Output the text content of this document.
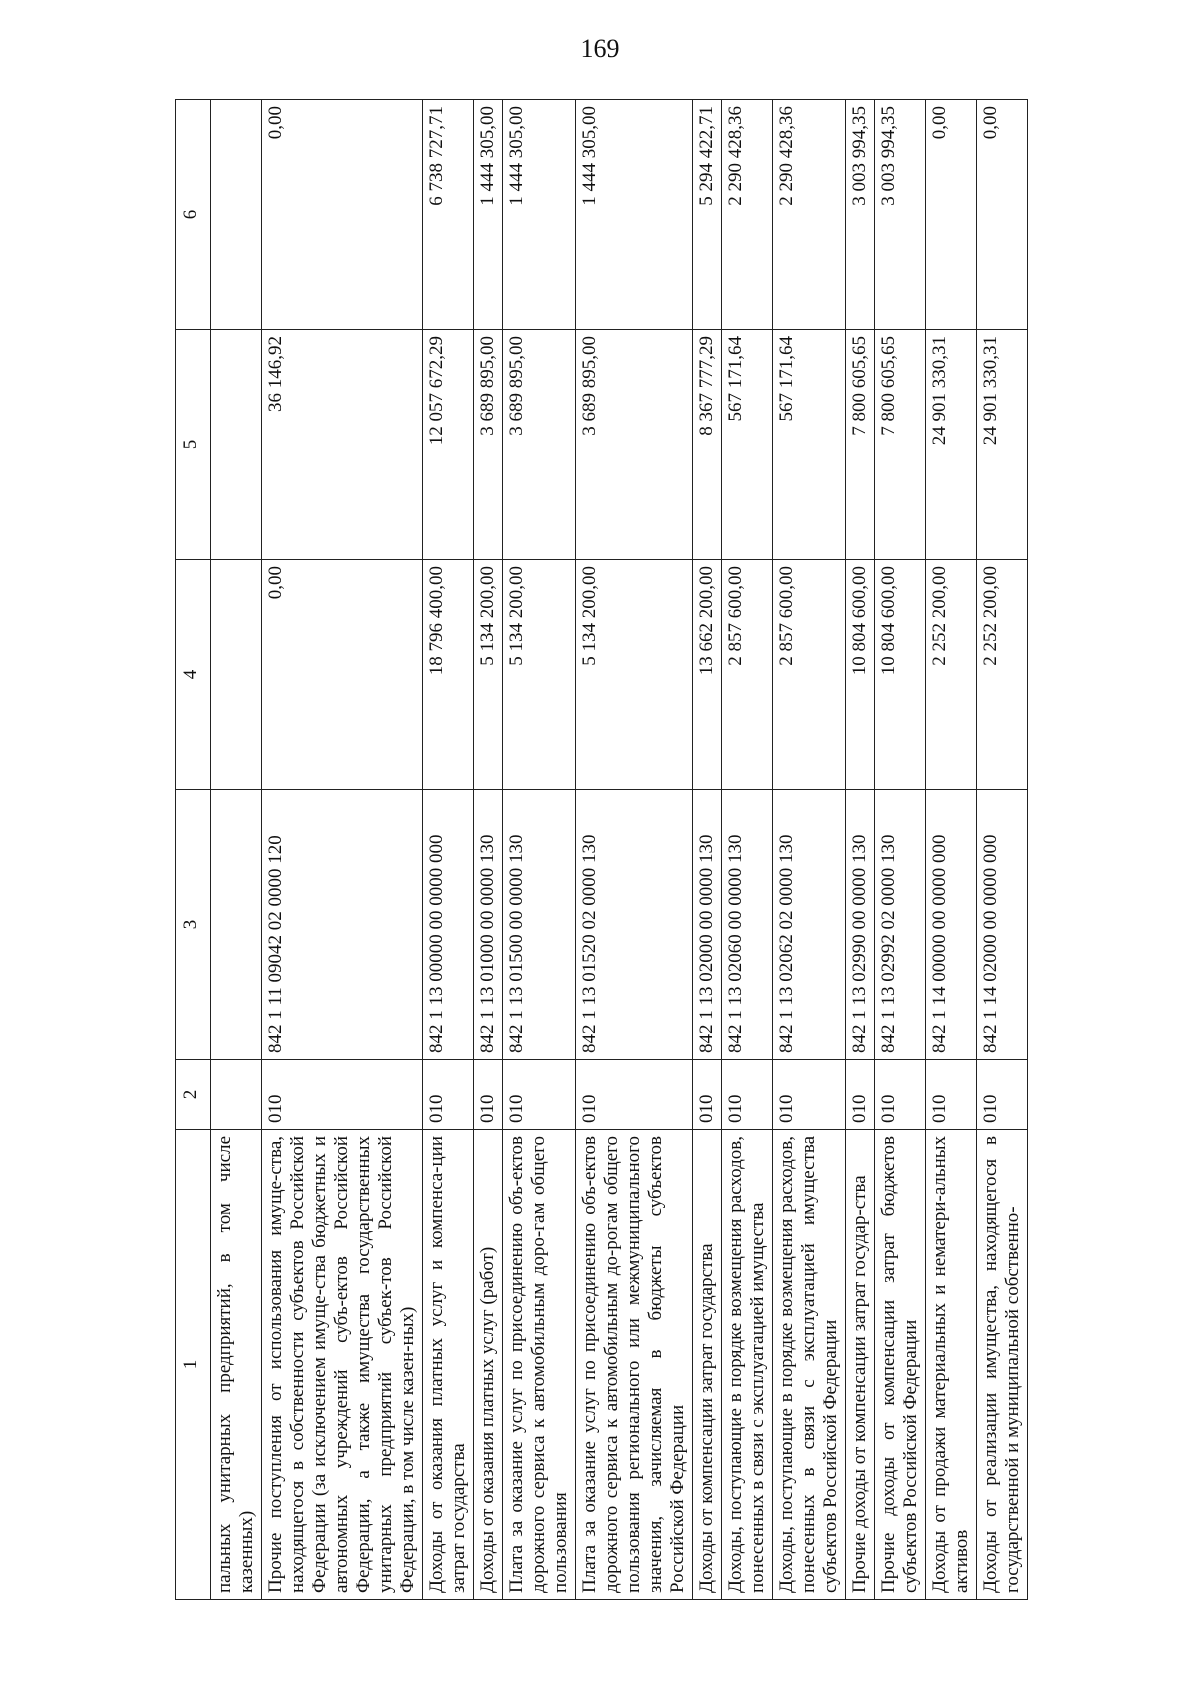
169
1	2	3	4	5	6
пальных унитарных предприятий, в том числе казенных)					
Прочие поступления от использования имуще-ства, находящегося в собственности субъектов Российской Федерации (за исключением имуще-ства бюджетных и автономных учреждений субъ-ектов Российской Федерации, а также имущества государственных унитарных предприятий субъек-тов Российской Федерации, в том числе казен-ных)	010	842 1 11 09042 02 0000 120	0,00	36 146,92	0,00
Доходы от оказания платных услуг и компенса-ции затрат государства	010	842 1 13 00000 00 0000 000	18 796 400,00	12 057 672,29	6 738 727,71
Доходы от оказания платных услуг (работ)	010	842 1 13 01000 00 0000 130	5 134 200,00	3 689 895,00	1 444 305,00
Плата за оказание услуг по присоединению объ-ектов дорожного сервиса к автомобильным доро-гам общего пользования	010	842 1 13 01500 00 0000 130	5 134 200,00	3 689 895,00	1 444 305,00
Плата за оказание услуг по присоединению объ-ектов дорожного сервиса к автомобильным до-рогам общего пользования регионального или межмуниципального значения, зачисляемая в бюджеты субъектов Российской Федерации	010	842 1 13 01520 02 0000 130	5 134 200,00	3 689 895,00	1 444 305,00
Доходы от компенсации затрат государства	010	842 1 13 02000 00 0000 130	13 662 200,00	8 367 777,29	5 294 422,71
Доходы, поступающие в порядке возмещения расходов, понесенных в связи с эксплуатацией имущества	010	842 1 13 02060 00 0000 130	2 857 600,00	567 171,64	2 290 428,36
Доходы, поступающие в порядке возмещения расходов, понесенных в связи с эксплуатацией имущества субъектов Российской Федерации	010	842 1 13 02062 02 0000 130	2 857 600,00	567 171,64	2 290 428,36
Прочие доходы от компенсации затрат государ-ства	010	842 1 13 02990 00 0000 130	10 804 600,00	7 800 605,65	3 003 994,35
Прочие доходы от компенсации затрат бюджетов субъектов Российской Федерации	010	842 1 13 02992 02 0000 130	10 804 600,00	7 800 605,65	3 003 994,35
Доходы от продажи материальных и нематери-альных активов	010	842 1 14 00000 00 0000 000	2 252 200,00	24 901 330,31	0,00
Доходы от реализации имущества, находящегося в государственной и муниципальной собственно-	010	842 1 14 02000 00 0000 000	2 252 200,00	24 901 330,31	0,00
